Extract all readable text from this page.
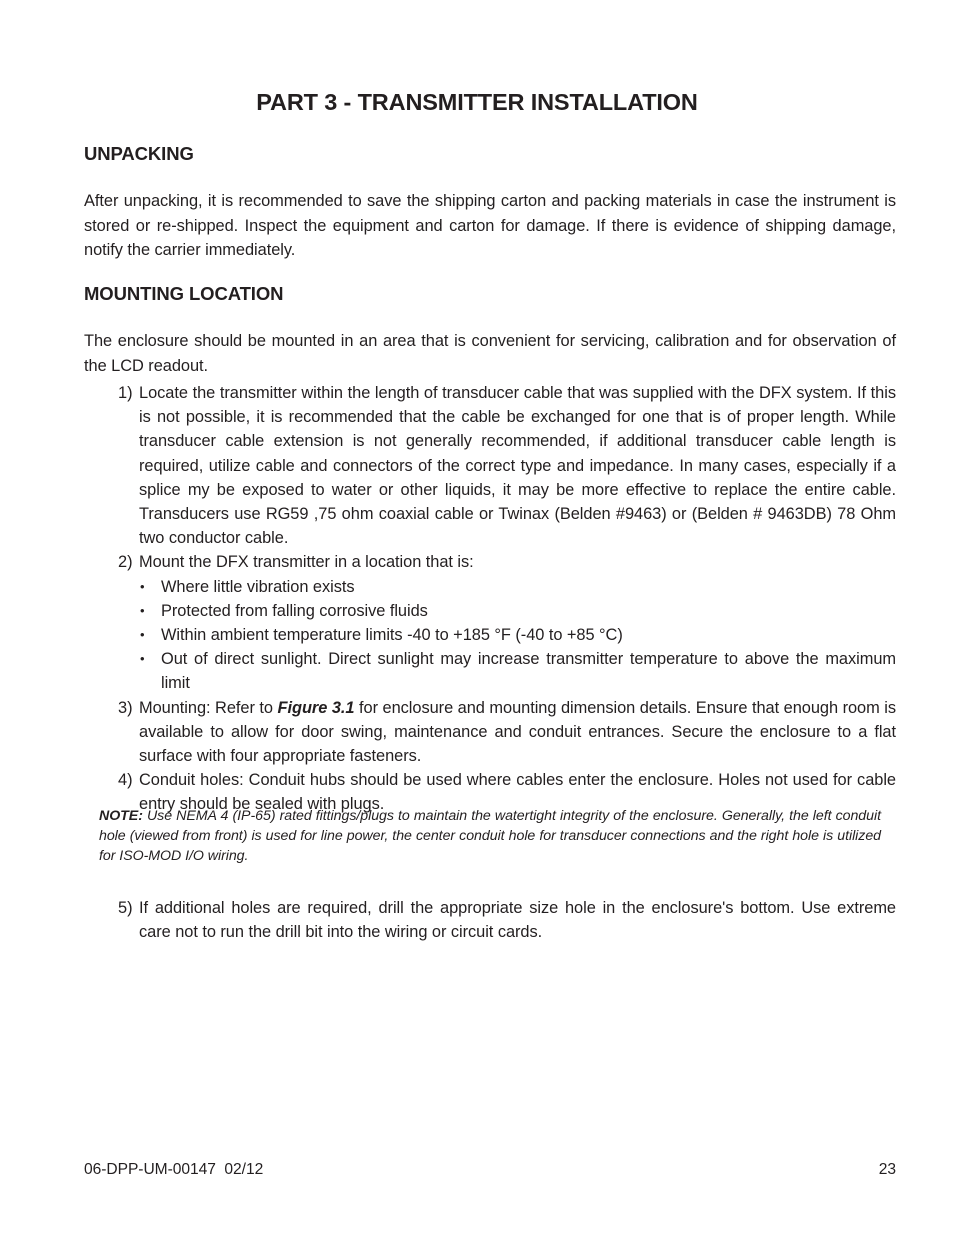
PART 3 - TRANSMITTER INSTALLATION
UNPACKING

After unpacking, it is recommended to save the shipping carton and packing materials in case the instrument is stored or re-shipped. Inspect the equipment and carton for damage. If there is evidence of shipping damage, notify the carrier immediately.

MOUNTING LOCATION

The enclosure should be mounted in an area that is convenient for servicing, calibration and for observation of the LCD readout.

1) Locate the transmitter within the length of transducer cable that was supplied with the DFX system. If this is not possible, it is recommended that the cable be exchanged for one that is of proper length. While transducer cable extension is not generally recommended, if additional transducer cable length is required, utilize cable and connectors of the correct type and impedance. In many cases, especially if a splice my be exposed to water or other liquids, it may be more effective to replace the entire cable. Transducers use RG59 ,75 ohm coaxial cable or Twinax (Belden #9463) or (Belden # 9463DB) 78 Ohm two conductor cable.
2) Mount the DFX transmitter in a location that is:
•	Where little vibration exists
•	Protected from falling corrosive fluids
•	Within ambient temperature limits -40 to +185 °F (-40 to +85 °C)
•	Out of direct sunlight. Direct sunlight may increase transmitter temperature to above the maximum limit
3) Mounting: Refer to Figure 3.1 for enclosure and mounting dimension details. Ensure that enough room is available to allow for door swing, maintenance and conduit entrances. Secure the enclosure to a flat surface with four appropriate fasteners.
4) Conduit holes: Conduit hubs should be used where cables enter the enclosure. Holes not used for cable entry should be sealed with plugs.
NOTE: Use NEMA 4 (IP-65) rated fittings/plugs to maintain the watertight integrity of the enclosure. Generally, the left conduit hole (viewed from front) is used for line power, the center conduit hole for transducer connections and the right hole is utilized for ISO-MOD I/O wiring.
5) If additional holes are required, drill the appropriate size hole in the enclosure's bottom. Use extreme care not to run the drill bit into the wiring or circuit cards.
06-DPP-UM-00147  02/12	23
